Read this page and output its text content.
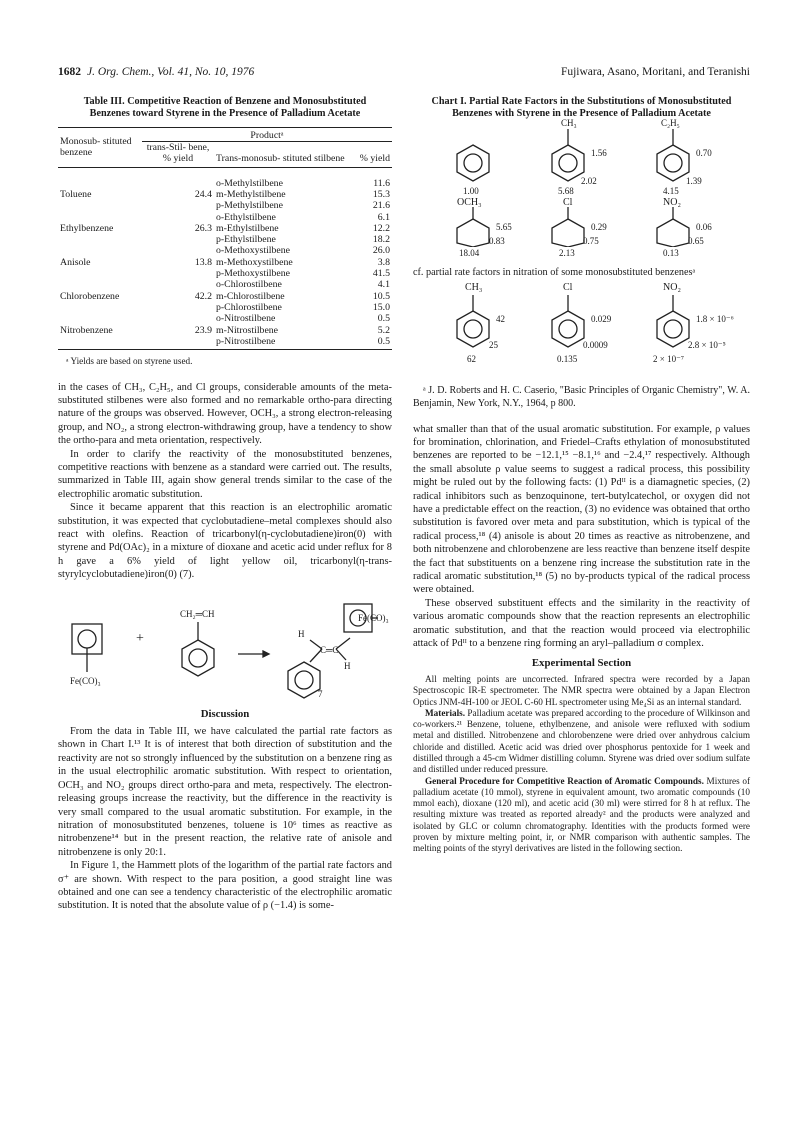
1682 J. Org. Chem., Vol. 41, No. 10, 1976	Fujiwara, Asano, Moritani, and Teranishi
Table III. Competitive Reaction of Benzene and Monosubstituted Benzenes toward Styrene in the Presence of Palladium Acetate
Monosub- stituted benzene	Productᵃ		
	trans-Stil- bene, % yield	Trans-monosub- stituted stilbene	% yield

		o-Methylstilbene	11.6
Toluene	24.4	m-Methylstilbene	15.3
		p-Methylstilbene	21.6
		o-Ethylstilbene	6.1
Ethylbenzene	26.3	m-Ethylstilbene	12.2
		p-Ethylstilbene	18.2
		o-Methoxystilbene	26.0
Anisole	13.8	m-Methoxystilbene	3.8
		p-Methoxystilbene	41.5
		o-Chlorostilbene	4.1
Chlorobenzene	42.2	m-Chlorostilbene	10.5
		p-Chlorostilbene	15.0
		o-Nitrostilbene	0.5
Nitrobenzene	23.9	m-Nitrostilbene	5.2
		p-Nitrostilbene	0.5
ᵃ Yields are based on styrene used.

in the cases of CH₃, C₂H₅, and Cl groups, considerable amounts of the meta-substituted stilbenes were also formed and no remarkable ortho-para directing nature of the groups was observed. However, OCH₃, a strong electron-releasing group, and NO₂, a strong electron-withdrawing group, have a tendency to show the ortho-para and meta orientation, respectively.

In order to clarify the reactivity of the monosubstituted benzenes, competitive reactions with benzene as a standard were carried out. The results, summarized in Table III, again show general trends similar to the case of the electrophilic aromatic substitution.

Since it became apparent that this reaction is an electrophilic aromatic substitution, it was expected that cyclobutadiene–metal complexes should also react with olefins. Reaction of tricarbonyl(η-cyclobutadiene)iron(0) with styrene and Pd(OAc)₂ in a mixture of dioxane and acetic acid under reflux for 8 h gave a 6% yield of light yellow oil, tricarbonyl(η-trans-styrylcyclobutadiene)iron(0) (7).

Fe(CO)₃
+
CH₂═CH
H
C═C
H
Fe(CO)₃
7
Discussion

From the data in Table III, we have calculated the partial rate factors as shown in Chart I.¹³ It is of interest that both direction of substitution and the reactivity are not so strongly influenced by the substitution on a benzene ring as in the usual electrophilic aromatic substitution. With respect to orientation, OCH₃ and NO₂ groups direct ortho-para and meta, respectively. The electron-releasing groups increase the reactivity, but the difference in the reactivity is very small compared to the usual aromatic substitution. For example, in the nitration of monosubstituted benzenes, toluene is 10⁶ times as reactive as nitrobenzene¹⁴ but in the present reaction, the relative rate of anisole and nitrobenzene is only 20:1.

In Figure 1, the Hammett plots of the logarithm of the partial rate factors and σ⁺ are shown. With respect to the para position, a good straight line was obtained and one can see a tendency characteristic of the electrophilic aromatic substitution. It is noted that the absolute value of ρ (−1.4) is some-

Chart I. Partial Rate Factors in the Substitutions of Monosubstituted Benzenes with Styrene in the Presence of Palladium Acetate
CH₃	C₂H₅
1.56
2.02
0.70
1.39
1.00	5.68	4.15
OCH₃	Cl	NO₂
5.65	0.29	0.06
0.83	0.75	0.65
18.04	2.13	0.13

cf. partial rate factors in nitration of some monosubstituted benzenesᵃ

CH₃	Cl	NO₂
42	0.029	1.8 × 10⁻⁶
25	0.0009	2.8 × 10⁻⁵
62	0.135	2 × 10⁻⁷

ᵃ J. D. Roberts and H. C. Caserio, "Basic Principles of Organic Chemistry", W. A. Benjamin, New York, N.Y., 1964, p 800.

what smaller than that of the usual aromatic substitution. For example, ρ values for bromination, chlorination, and Friedel–Crafts ethylation of monosubstituted benzenes are reported to be −12.1,¹⁵ −8.1,¹⁶ and −2.4,¹⁷ respectively. Although the small absolute ρ value seems to suggest a radical process, this possibility might be ruled out by the following facts: (1) Pdᴵᴵ is a diamagnetic species, (2) radical inhibitors such as benzoquinone, tert-butylcatechol, or oxygen did not have a predictable effect on the reaction, (3) no evidence was obtained that ortho substitution is favored over meta and para substitution, which is typical of the radical process,¹⁸ (4) anisole is about 20 times as reactive as nitrobenzene, and both nitrobenzene and chlorobenzene are less reactive than benzene itself despite the fact that substituents on a benzene ring increase the substitution rate in the radical aromatic substitution,¹⁸ (5) no by-products typical of the radical process were obtained.

These observed substituent effects and the similarity in the reactivity of various aromatic compounds show that the reaction represents an electrophilic aromatic substitution, and that the reaction would proceed via electrophilic attack of Pdᴵᴵ to a benzene ring forming an aryl–palladium σ complex.

Experimental Section

All melting points are uncorrected. Infrared spectra were recorded by a Japan Spectroscopic IR-E spectrometer. The NMR spectra were obtained by a Japan Electron Optics JNM-4H-100 or JEOL C-60 HL spectrometer using Me₄Si as an internal standard.

Materials. Palladium acetate was prepared according to the procedure of Wilkinson and co-workers.²¹ Benzene, toluene, ethylbenzene, and anisole were refluxed with sodium metal and distilled. Nitrobenzene and chlorobenzene were dried over anhydrous calcium chloride and distilled. Acetic acid was dried over phosphorus pentoxide for 1 week and distilled through a 45-cm Widmer distilling column. Styrene was dried over sodium sulfate and distilled under reduced pressure.

General Procedure for Competitive Reaction of Aromatic Compounds. Mixtures of palladium acetate (10 mmol), styrene in equivalent amount, two aromatic compounds (10 mmol each), dioxane (120 ml), and acetic acid (30 ml) were stirred for 8 h at reflux. The resulting mixture was treated as reported already² and the products were analyzed and isolated by GLC or column chromatography. Identities with the products formed were proven by mixture melting point, ir, or NMR comparison with authentic samples. The melting points of the styryl derivatives are listed in the following section.
